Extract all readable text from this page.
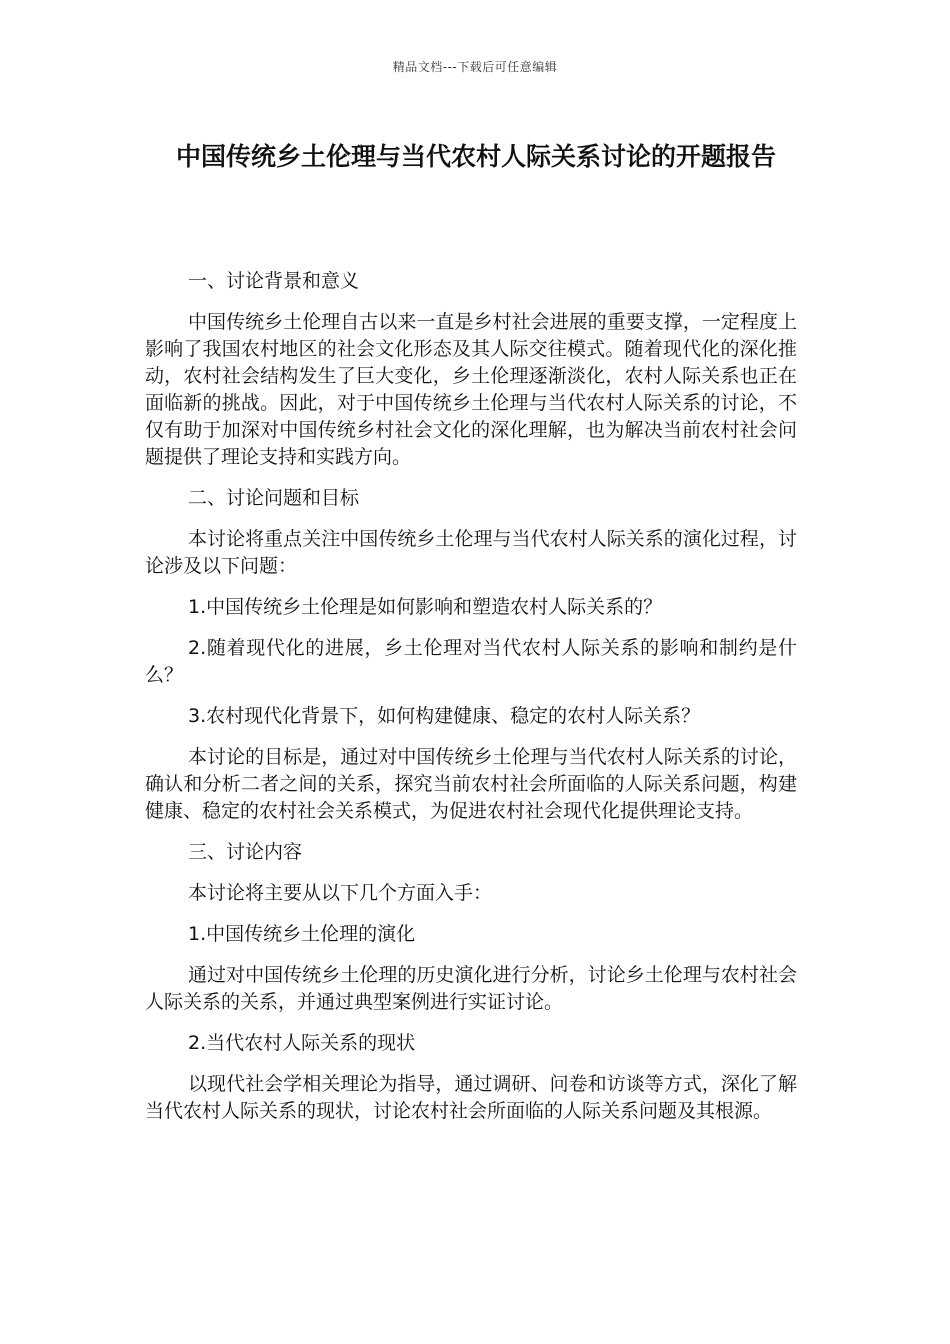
精品文档---下载后可任意编辑
中国传统乡土伦理与当代农村人际关系讨论的开题报告

一、讨论背景和意义

中国传统乡土伦理自古以来一直是乡村社会进展的重要支撑，一定程度上影响了我国农村地区的社会文化形态及其人际交往模式。随着现代化的深化推动，农村社会结构发生了巨大变化，乡土伦理逐渐淡化，农村人际关系也正在面临新的挑战。因此，对于中国传统乡土伦理与当代农村人际关系的讨论，不仅有助于加深对中国传统乡村社会文化的深化理解，也为解决当前农村社会问题提供了理论支持和实践方向。

二、讨论问题和目标

本讨论将重点关注中国传统乡土伦理与当代农村人际关系的演化过程，讨论涉及以下问题：

1.中国传统乡土伦理是如何影响和塑造农村人际关系的？

2.随着现代化的进展，乡土伦理对当代农村人际关系的影响和制约是什么？

3.农村现代化背景下，如何构建健康、稳定的农村人际关系？

本讨论的目标是，通过对中国传统乡土伦理与当代农村人际关系的讨论，确认和分析二者之间的关系，探究当前农村社会所面临的人际关系问题，构建健康、稳定的农村社会关系模式，为促进农村社会现代化提供理论支持。

三、讨论内容

本讨论将主要从以下几个方面入手：

1.中国传统乡土伦理的演化

通过对中国传统乡土伦理的历史演化进行分析，讨论乡土伦理与农村社会人际关系的关系，并通过典型案例进行实证讨论。

2.当代农村人际关系的现状

以现代社会学相关理论为指导，通过调研、问卷和访谈等方式，深化了解当代农村人际关系的现状，讨论农村社会所面临的人际关系问题及其根源。
